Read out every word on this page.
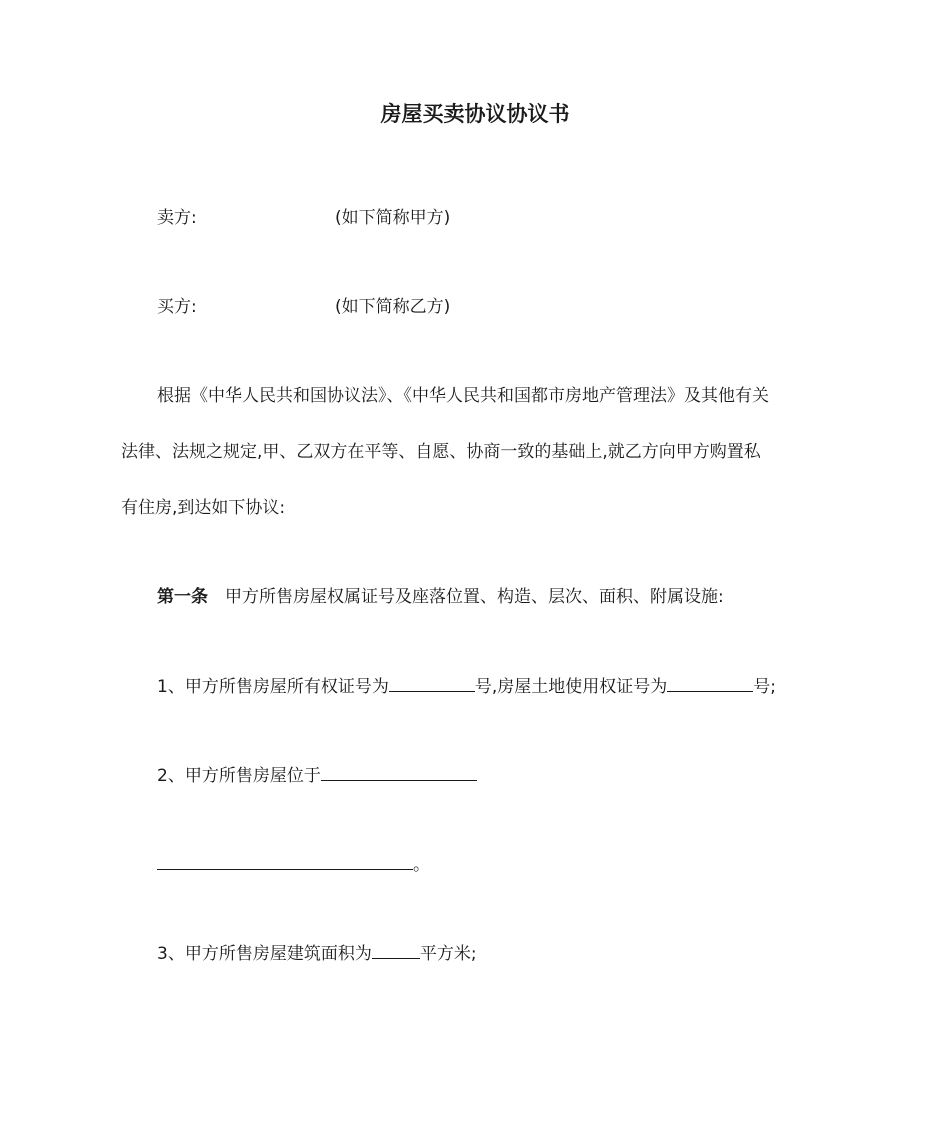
房屋买卖协议协议书
卖方:	(如下简称甲方)
买方:	(如下简称乙方)
根据《中华人民共和国协议法》、《中华人民共和国都市房地产管理法》及其他有关
法律、法规之规定,甲、乙双方在平等、自愿、协商一致的基础上,就乙方向甲方购置私
有住房,到达如下协议:
第一条 甲方所售房屋权属证号及座落位置、构造、层次、面积、附属设施:
1、甲方所售房屋所有权证号为	号,房屋土地使用权证号为	号;
2、甲方所售房屋位于
。
3、甲方所售房屋建筑面积为	平方米;
